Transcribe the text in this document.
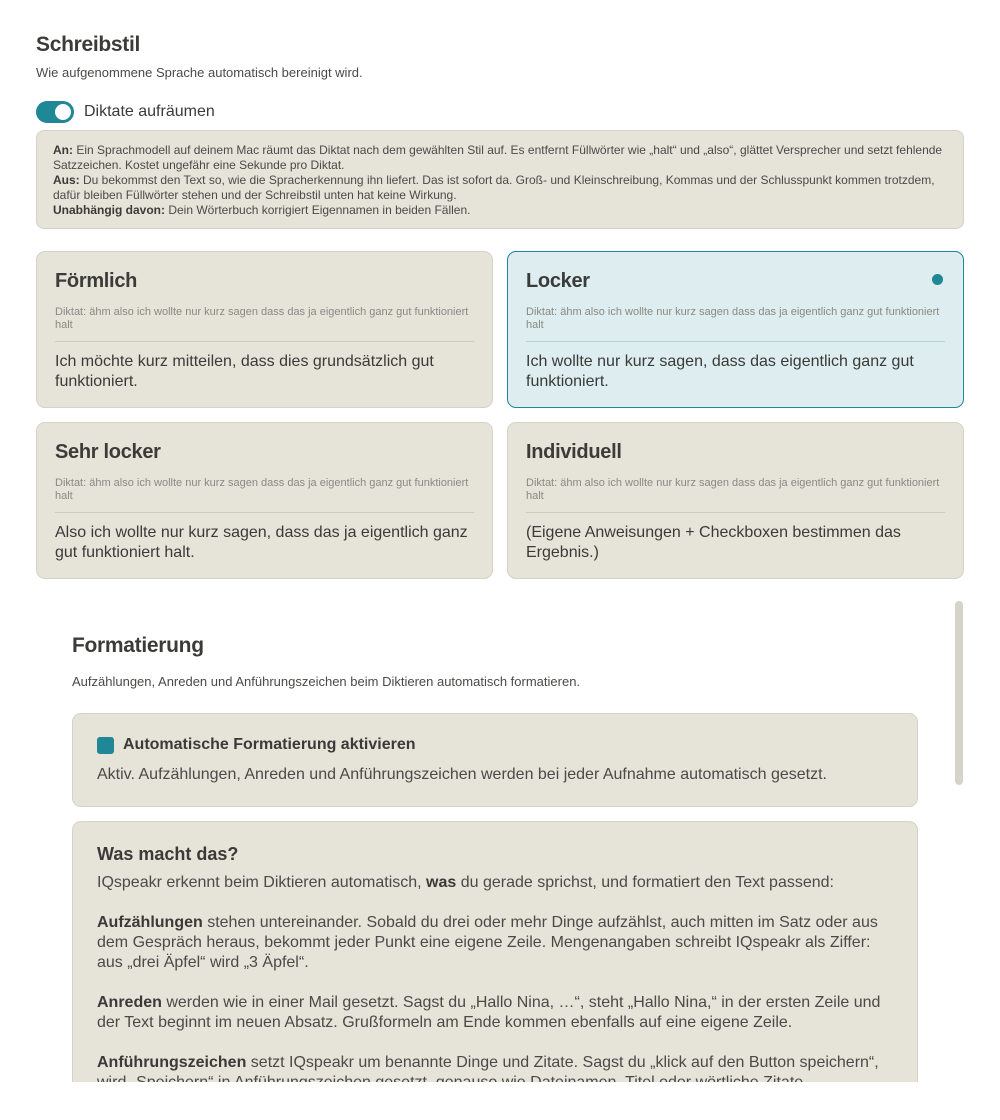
Schreibstil
Wie aufgenommene Sprache automatisch bereinigt wird.
Diktate aufräumen

An: Ein Sprachmodell auf deinem Mac räumt das Diktat nach dem gewählten Stil auf. Es entfernt Füllwörter wie „halt“ und „also“, glättet Versprecher und setzt fehlende Satzzeichen. Kostet ungefähr eine Sekunde pro Diktat.

Aus: Du bekommst den Text so, wie die Spracherkennung ihn liefert. Das ist sofort da. Groß- und Kleinschreibung, Kommas und der Schlusspunkt kommen trotzdem, dafür bleiben Füllwörter stehen und der Schreibstil unten hat keine Wirkung.

Unabhängig davon: Dein Wörterbuch korrigiert Eigennamen in beiden Fällen.

Förmlich
Diktat: ähm also ich wollte nur kurz sagen dass das ja eigentlich ganz gut funktioniert halt
Ich möchte kurz mitteilen, dass dies grundsätzlich gut funktioniert.
Locker
Diktat: ähm also ich wollte nur kurz sagen dass das ja eigentlich ganz gut funktioniert halt
Ich wollte nur kurz sagen, dass das eigentlich ganz gut funktioniert.
Sehr locker
Diktat: ähm also ich wollte nur kurz sagen dass das ja eigentlich ganz gut funktioniert halt
Also ich wollte nur kurz sagen, dass das ja eigentlich ganz gut funktioniert halt.
Individuell
Diktat: ähm also ich wollte nur kurz sagen dass das ja eigentlich ganz gut funktioniert halt
(Eigene Anweisungen + Checkboxen bestimmen das Ergebnis.)
Formatierung
Aufzählungen, Anreden und Anführungszeichen beim Diktieren automatisch formatieren.
Automatische Formatierung aktivieren
Aktiv. Aufzählungen, Anreden und Anführungszeichen werden bei jeder Aufnahme automatisch gesetzt.
Was macht das?

IQspeakr erkennt beim Diktieren automatisch, was du gerade sprichst, und formatiert den Text passend:

Aufzählungen stehen untereinander. Sobald du drei oder mehr Dinge aufzählst, auch mitten im Satz oder aus dem Gespräch heraus, bekommt jeder Punkt eine eigene Zeile. Mengenangaben schreibt IQspeakr als Ziffer: aus „drei Äpfel“ wird „3 Äpfel“.

Anreden werden wie in einer Mail gesetzt. Sagst du „Hallo Nina, …“, steht „Hallo Nina,“ in der ersten Zeile und der Text beginnt im neuen Absatz. Grußformeln am Ende kommen ebenfalls auf eine eigene Zeile.

Anführungszeichen setzt IQspeakr um benannte Dinge und Zitate. Sagst du „klick auf den Button speichern“,
